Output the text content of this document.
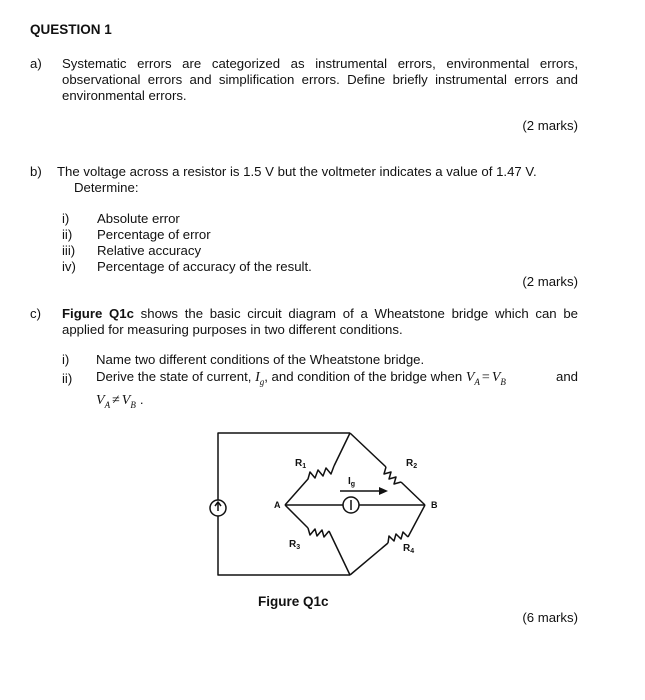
QUESTION 1
a) Systematic errors are categorized as instrumental errors, environmental errors, observational errors and simplification errors. Define briefly instrumental errors and environmental errors.
(2 marks)
b) The voltage across a resistor is 1.5 V but the voltmeter indicates a value of 1.47 V.
Determine:
i) Absolute error
ii) Percentage of error
iii) Relative accuracy
iv) Percentage of accuracy of the result.
(2 marks)
c) Figure Q1c shows the basic circuit diagram of a Wheatstone bridge which can be applied for measuring purposes in two different conditions.
i) Name two different conditions of the Wheatstone bridge.
ii) Derive the state of current, $I_g$, and condition of the bridge when $V_A = V_B$	and
$V_A \ne V_B$ .
$R_1$	$R_2$
$R_3$	$R_4$
A	B
$I_g$
Figure Q1c
(6 marks)
